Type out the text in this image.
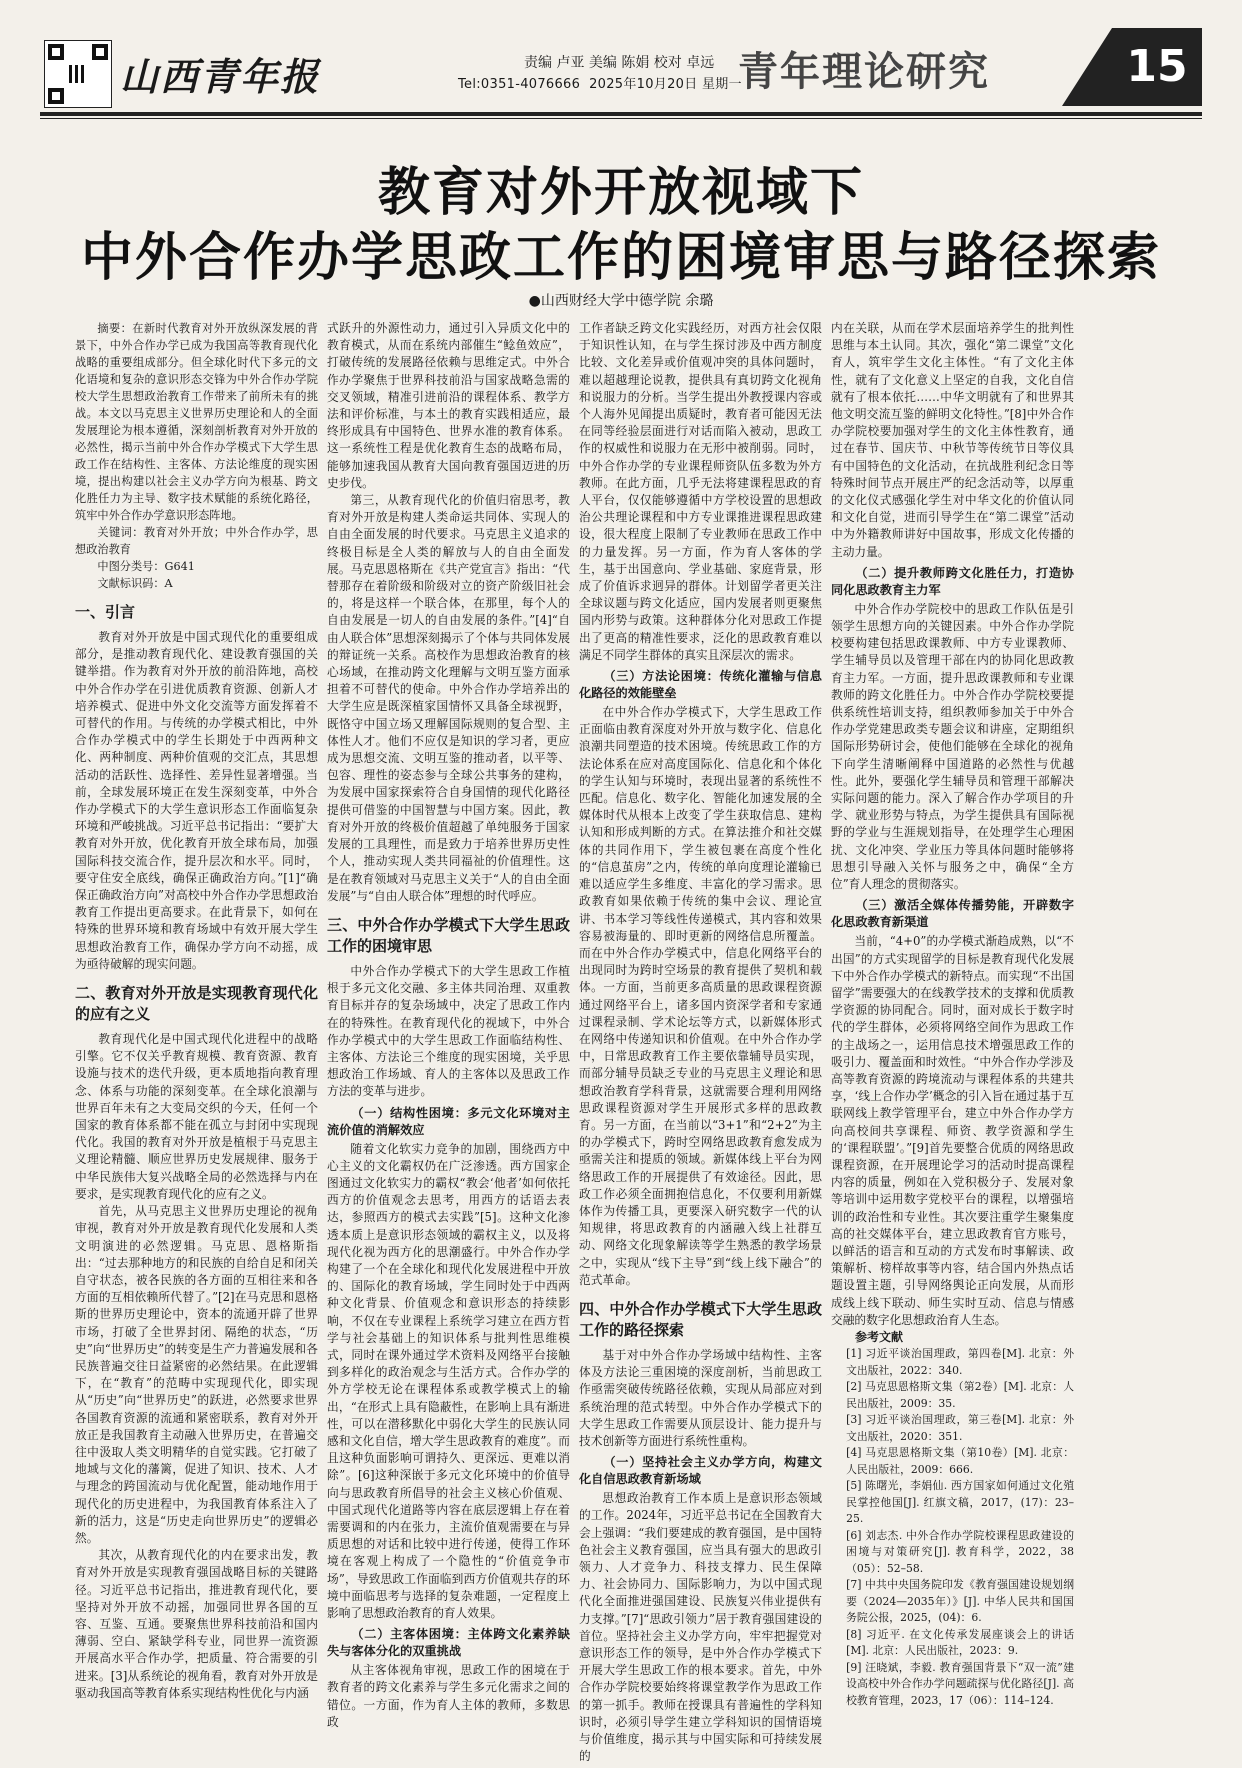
山西青年报	责编 卢亚 美编 陈娟 校对 卓远
Tel:0351-4076666 2025年10月20日 星期一
青年理论研究	15
教育对外开放视域下
中外合作办学思政工作的困境审思与路径探索
●山西财经大学中德学院 余璐

摘要：在新时代教育对外开放纵深发展的背景下，中外合作办学已成为我国高等教育现代化战略的重要组成部分。但全球化时代下多元的文化语境和复杂的意识形态交锋为中外合作办学院校大学生思想政治教育工作带来了前所未有的挑战。本文以马克思主义世界历史理论和人的全面发展理论为根本遵循，深刻剖析教育对外开放的必然性，揭示当前中外合作办学模式下大学生思政工作在结构性、主客体、方法论维度的现实困境，提出构建以社会主义办学方向为根基、跨文化胜任力为主导、数字技术赋能的系统化路径，筑牢中外合作办学意识形态阵地。

关键词：教育对外开放；中外合作办学，思想政治教育

中图分类号：G641

文献标识码：A

一、引言

教育对外开放是中国式现代化的重要组成部分，是推动教育现代化、建设教育强国的关键举措。作为教育对外开放的前沿阵地，高校中外合作办学在引进优质教育资源、创新人才培养模式、促进中外文化交流等方面发挥着不可替代的作用。与传统的办学模式相比，中外合作办学模式中的学生长期处于中西两种文化、两种制度、两种价值观的交汇点，其思想活动的活跃性、选择性、差异性显著增强。当前，全球发展环境正在发生深刻变革，中外合作办学模式下的大学生意识形态工作面临复杂环境和严峻挑战。习近平总书记指出：“要扩大教育对外开放，优化教育开放全球布局，加强国际科技交流合作，提升层次和水平。同时，要守住安全底线，确保正确政治方向。”[1]“确保正确政治方向”对高校中外合作办学思想政治教育工作提出更高要求。在此背景下，如何在特殊的世界环境和教育场域中有效开展大学生思想政治教育工作，确保办学方向不动摇，成为亟待破解的现实问题。

二、教育对外开放是实现教育现代化的应有之义

教育现代化是中国式现代化进程中的战略引擎。它不仅关乎教育规模、教育资源、教育设施与技术的迭代升级，更本质地指向教育理念、体系与功能的深刻变革。在全球化浪潮与世界百年未有之大变局交织的今天，任何一个国家的教育体系都不能在孤立与封闭中实现现代化。我国的教育对外开放是植根于马克思主义理论精髓、顺应世界历史发展规律、服务于中华民族伟大复兴战略全局的必然选择与内在要求，是实现教育现代化的应有之义。

首先，从马克思主义世界历史理论的视角审视，教育对外开放是教育现代化发展和人类文明演进的必然逻辑。马克思、恩格斯指出：“过去那种地方的和民族的自给自足和闭关自守状态，被各民族的各方面的互相往来和各方面的互相依赖所代替了。”[2]在马克思和恩格斯的世界历史理论中，资本的流通开辟了世界市场，打破了全世界封闭、隔绝的状态，“历史”向“世界历史”的转变是生产力普遍发展和各民族普遍交往日益紧密的必然结果。在此逻辑下，在“教育”的范畴中实现现代化，即实现从“历史”向“世界历史”的跃进，必然要求世界各国教育资源的流通和紧密联系，教育对外开放正是我国教育主动融入世界历史，在普遍交往中汲取人类文明精华的自觉实践。它打破了地域与文化的藩篱，促进了知识、技术、人才与理念的跨国流动与优化配置，能动地作用于现代化的历史进程中，为我国教育体系注入了新的活力，这是“历史走向世界历史”的逻辑必然。

其次，从教育现代化的内在要求出发，教育对外开放是实现教育强国战略目标的关键路径。习近平总书记指出，推进教育现代化，要坚持对外开放不动摇，加强同世界各国的互容、互鉴、互通。要聚焦世界科技前沿和国内薄弱、空白、紧缺学科专业，同世界一流资源开展高水平合作办学，把质量、符合需要的引进来。[3]从系统论的视角看，教育对外开放是驱动我国高等教育体系实现结构性优化与内涵

式跃升的外源性动力，通过引入异质文化中的教育模式，从而在系统内部催生“鲶鱼效应”，打破传统的发展路径依赖与思维定式。中外合作办学聚焦于世界科技前沿与国家战略急需的交叉领域，精准引进前沿的课程体系、教学方法和评价标准，与本土的教育实践相适应，最终形成具有中国特色、世界水准的教育体系。这一系统性工程是优化教育生态的战略布局，能够加速我国从教育大国向教育强国迈进的历史步伐。

第三，从教育现代化的价值归宿思考，教育对外开放是构建人类命运共同体、实现人的自由全面发展的时代要求。马克思主义追求的终极目标是全人类的解放与人的自由全面发展。马克思恩格斯在《共产党宣言》指出：“代替那存在着阶级和阶级对立的资产阶级旧社会的，将是这样一个联合体，在那里，每个人的自由发展是一切人的自由发展的条件。”[4]“自由人联合体”思想深刻揭示了个体与共同体发展的辩证统一关系。高校作为思想政治教育的核心场域，在推动跨文化理解与文明互鉴方面承担着不可替代的使命。中外合作办学培养出的大学生应是既深植家国情怀又具备全球视野，既恪守中国立场又理解国际规则的复合型、主体性人才。他们不应仅是知识的学习者，更应成为思想交流、文明互鉴的推动者，以平等、包容、理性的姿态参与全球公共事务的建构，为发展中国家探索符合自身国情的现代化路径提供可借鉴的中国智慧与中国方案。因此，教育对外开放的终极价值超越了单纯服务于国家发展的工具理性，而是致力于培养世界历史性个人，推动实现人类共同福祉的价值理性。这是在教育领域对马克思主义关于“人的自由全面发展”与“自由人联合体”理想的时代呼应。

三、中外合作办学模式下大学生思政工作的困境审思

中外合作办学模式下的大学生思政工作植根于多元文化交融、多主体共同治理、双重教育目标并存的复杂场域中，决定了思政工作内在的特殊性。在教育现代化的视域下，中外合作办学模式中的大学生思政工作面临结构性、主客体、方法论三个维度的现实困境，关乎思想政治工作场域、育人的主客体以及思政工作方法的变革与进步。

（一）结构性困境：多元文化环境对主流价值的消解效应

随着文化软实力竞争的加剧，围绕西方中心主义的文化霸权仍在广泛渗透。西方国家企图通过文化软实力的霸权“教会‘他者’如何依托西方的价值观念去思考，用西方的话语去表达，参照西方的模式去实践”[5]。这种文化渗透本质上是意识形态领域的霸权主义，以及将现代化视为西方化的思潮盛行。中外合作办学构建了一个在全球化和现代化发展进程中开放的、国际化的教育场域，学生同时处于中西两种文化背景、价值观念和意识形态的持续影响，不仅在专业课程上系统学习建立在西方哲学与社会基础上的知识体系与批判性思维模式，同时在课外通过学术资料及网络平台接触到多样化的政治观念与生活方式。合作办学的外方学校无论在课程体系或教学模式上的输出，“在形式上具有隐蔽性，在影响上具有渐进性，可以在潜移默化中弱化大学生的民族认同感和文化自信，增大学生思政教育的难度”。而且这种负面影响可谓持久、更深远、更难以消除”。[6]这种深嵌于多元文化环境中的价值导向与思政教育所倡导的社会主义核心价值观、中国式现代化道路等内容在底层逻辑上存在着需要调和的内在张力，主流价值观需要在与异质思想的对话和比较中进行传递，使得工作环境在客观上构成了一个隐性的“价值竞争市场”，导致思政工作面临到西方价值观共存的环境中面临思考与选择的复杂难题，一定程度上影响了思想政治教育的育人效果。

（二）主客体困境：主体跨文化素养缺失与客体分化的双重挑战

从主客体视角审视，思政工作的困境在于教育者的跨文化素养与学生多元化需求之间的错位。一方面，作为育人主体的教师，多数思政

工作者缺乏跨文化实践经历，对西方社会仅限于知识性认知，在与学生探讨涉及中西方制度比较、文化差异或价值观冲突的具体问题时，难以超越理论说教，提供具有真切跨文化视角和说服力的分析。当学生提出外教授课内容或个人海外见闻提出质疑时，教育者可能因无法在同等经验层面进行对话而陷入被动，思政工作的权威性和说服力在无形中被削弱。同时，中外合作办学的专业课程师资队伍多数为外方教师。在此方面，几乎无法将建课程思政的育人平台，仅仅能够遵循中方学校设置的思想政治公共理论课程和中方专业课推进课程思政建设，很大程度上限制了专业教师在思政工作中的力量发挥。另一方面，作为育人客体的学生，基于出国意向、学业基础、家庭背景，形成了价值诉求迥异的群体。计划留学者更关注全球议题与跨文化适应，国内发展者则更聚焦国内形势与政策。这种群体分化对思政工作提出了更高的精准性要求，泛化的思政教育难以满足不同学生群体的真实且深层次的需求。

（三）方法论困境：传统化灌输与信息化路径的效能壁垒

在中外合作办学模式下，大学生思政工作正面临由教育深度对外开放与数字化、信息化浪潮共同塑造的技术困境。传统思政工作的方法论体系在应对高度国际化、信息化和个体化的学生认知与环境时，表现出显著的系统性不匹配。信息化、数字化、智能化加速发展的全媒体时代从根本上改变了学生获取信息、建构认知和形成判断的方式。在算法推介和社交媒体的共同作用下，学生被包裹在高度个性化的“信息茧房”之内，传统的单向度理论灌输已难以适应学生多维度、丰富化的学习需求。思政教育如果依赖于传统的集中会议、理论宣讲、书本学习等线性传递模式，其内容和效果容易被海量的、即时更新的网络信息所覆盖。而在中外合作办学模式中，信息化网络平台的出现同时为跨时空场景的教育提供了契机和载体。一方面，当前更多高质量的思政课程资源通过网络平台上，诸多国内资深学者和专家通过课程录制、学术论坛等方式，以新媒体形式在网络中传递知识和价值观。在中外合作办学中，日常思政教育工作主要依靠辅导员实现，而部分辅导员缺乏专业的马克思主义理论和思想政治教育学科背景，这就需要合理利用网络思政课程资源对学生开展形式多样的思政教育。另一方面，在当前以“3+1”和“2+2”为主的办学模式下，跨时空网络思政教育愈发成为亟需关注和提质的领域。新媒体线上平台为网络思政工作的开展提供了有效途径。因此，思政工作必须全面拥抱信息化，不仅要利用新媒体作为传播工具，更要深入研究数字一代的认知规律，将思政教育的内涵融入线上社群互动、网络文化现象解读等学生熟悉的教学场景之中，实现从“线下主导”到“线上线下融合”的范式革命。

四、中外合作办学模式下大学生思政工作的路径探索

基于对中外合作办学场域中结构性、主客体及方法论三重困境的深度剖析，当前思政工作亟需突破传统路径依赖，实现从局部应对到系统治理的范式转型。中外合作办学模式下的大学生思政工作需要从顶层设计、能力提升与技术创新等方面进行系统性重构。

（一）坚持社会主义办学方向，构建文化自信思政教育新场域

思想政治教育工作本质上是意识形态领域的工作。2024年，习近平总书记在全国教育大会上强调：“我们要建成的教育强国，是中国特色社会主义教育强国，应当具有强大的思政引领力、人才竞争力、科技支撑力、民生保障力、社会协同力、国际影响力，为以中国式现代化全面推进强国建设、民族复兴伟业提供有力支撑。”[7]“思政引领力”居于教育强国建设的首位。坚持社会主义办学方向，牢牢把握党对意识形态工作的领导，是中外合作办学模式下开展大学生思政工作的根本要求。首先，中外合作办学院校要始终将课堂教学作为思政工作的第一抓手。教师在授课具有普遍性的学科知识时，必须引导学生建立学科知识的国情语境与价值维度，揭示其与中国实际和可持续发展的

内在关联，从而在学术层面培养学生的批判性思维与本土认同。其次，强化“第二课堂”文化育人，筑牢学生文化主体性。“有了文化主体性，就有了文化意义上坚定的自我，文化自信就有了根本依托……中华文明就有了和世界其他文明交流互鉴的鲜明文化特性。”[8]中外合作办学院校要加强对学生的文化主体性教育，通过在春节、国庆节、中秋节等传统节日等仪具有中国特色的文化活动，在抗战胜利纪念日等特殊时间节点开展庄严的纪念活动等，以厚重的文化仪式感强化学生对中华文化的价值认同和文化自觉，进而引导学生在“第二课堂”活动中为外籍教师讲好中国故事，形成文化传播的主动力量。

（二）提升教师跨文化胜任力，打造协同化思政教育主力军

中外合作办学院校中的思政工作队伍是引领学生思想方向的关键因素。中外合作办学院校要构建包括思政课教师、中方专业课教师、学生辅导员以及管理干部在内的协同化思政教育主力军。一方面，提升思政课教师和专业课教师的跨文化胜任力。中外合作办学院校要提供系统性培训支持，组织教师参加关于中外合作办学党建思政类专题会议和讲座，定期组织国际形势研讨会，使他们能够在全球化的视角下向学生清晰阐释中国道路的必然性与优越性。此外，要强化学生辅导员和管理干部解决实际问题的能力。深入了解合作办学项目的升学、就业形势与特点，为学生提供具有国际视野的学业与生涯规划指导，在处理学生心理困扰、文化冲突、学业压力等具体问题时能够将思想引导融入关怀与服务之中，确保“全方位”育人理念的贯彻落实。

（三）激活全媒体传播势能，开辟数字化思政教育新渠道

当前，“4+0”的办学模式渐趋成熟，以“不出国”的方式实现留学的目标是教育现代化发展下中外合作办学模式的新特点。而实现“不出国留学”需要强大的在线教学技术的支撑和优质教学资源的协同配合。同时，面对成长于数字时代的学生群体，必须将网络空间作为思政工作的主战场之一，运用信息技术增强思政工作的吸引力、覆盖面和时效性。“中外合作办学涉及高等教育资源的跨境流动与课程体系的共建共享，‘线上合作办学’概念的引入旨在通过基于互联网线上教学管理平台，建立中外合作办学方向高校间共享课程、师资、教学资源和学生的‘课程联盟’。”[9]首先要整合优质的网络思政课程资源，在开展理论学习的活动时提高课程内容的质量，例如在入党积极分子、发展对象等培训中运用数字党校平台的课程，以增强培训的政治性和专业性。其次要注重学生聚集度高的社交媒体平台，建立思政教育官方账号，以鲜活的语言和互动的方式发布时事解读、政策解析、榜样故事等内容，结合国内外热点话题设置主题，引导网络舆论正向发展，从而形成线上线下联动、师生实时互动、信息与情感交融的数字化思想政治育人生态。

参考文献

[1] 习近平谈治国理政，第四卷[M]. 北京：外文出版社，2022：340.

[2] 马克思恩格斯文集（第2卷）[M]. 北京：人民出版社，2009：35.

[3] 习近平谈治国理政，第三卷[M]. 北京：外文出版社，2020：351.

[4] 马克思恩格斯文集（第10卷）[M]. 北京：人民出版社，2009：666.

[5] 陈曙光，李娟仙. 西方国家如何通过文化殖民掌控他国[J]. 红旗文稿，2017，(17)：23–25.

[6] 刘志杰. 中外合作办学院校课程思政建设的困境与对策研究[J]. 教育科学，2022，38（05）：52–58.

[7] 中共中央国务院印发《教育强国建设规划纲要（2024—2035年）》[J]. 中华人民共和国国务院公报，2025，(04)：6.

[8] 习近平. 在文化传承发展座谈会上的讲话[M]. 北京：人民出版社，2023：9.

[9] 汪晓斌，李毅. 教育强国背景下“双一流”建设高校中外合作办学问题疏探与优化路径[J]. 高校教育管理，2023，17（06）：114–124.
